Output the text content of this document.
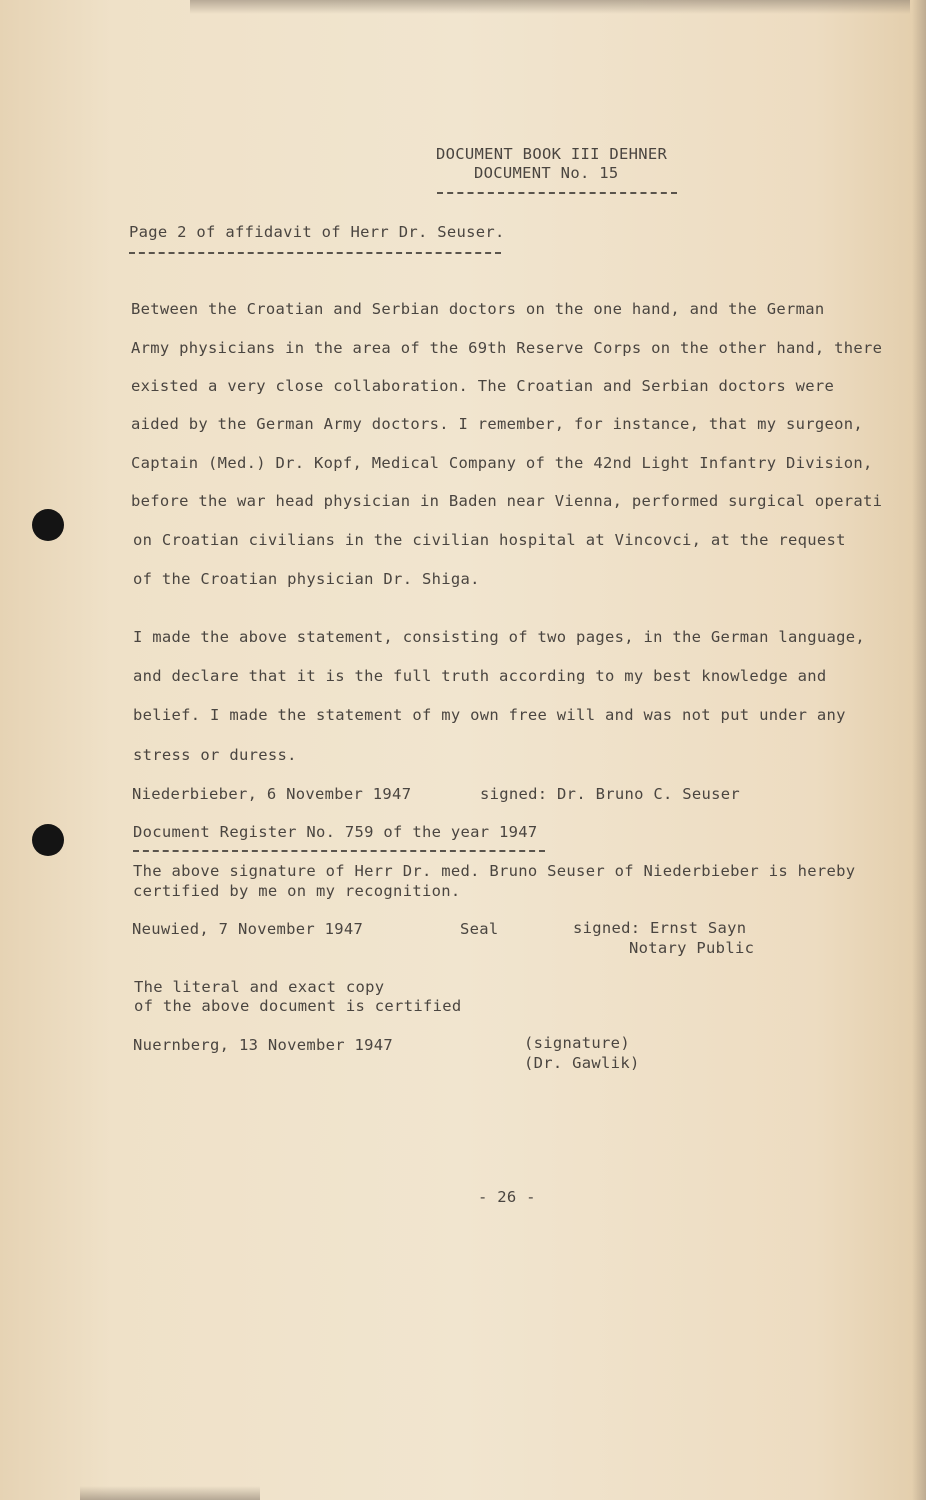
DOCUMENT BOOK III DEHNER
DOCUMENT No. 15
Page 2 of affidavit of Herr Dr. Seuser.
Between the Croatian and Serbian doctors on the one hand, and the German
Army physicians in the area of the 69th Reserve Corps on the other hand, there
existed a very close collaboration. The Croatian and Serbian doctors were
aided by the German Army doctors. I remember, for instance, that my surgeon,
Captain (Med.) Dr. Kopf, Medical Company of the 42nd Light Infantry Division,
before the war head physician in Baden near Vienna, performed surgical operati
on Croatian civilians in the civilian hospital at Vincovci, at the request
of the Croatian physician Dr. Shiga.
I made the above statement, consisting of two pages, in the German language,
and declare that it is the full truth according to my best knowledge and
belief. I made the statement of my own free will and was not put under any
stress or duress.
Niederbieber, 6 November 1947	signed: Dr. Bruno C. Seuser
Document Register No. 759 of the year 1947
The above signature of Herr Dr. med. Bruno Seuser of Niederbieber is hereby
certified by me on my recognition.
Neuwied, 7 November 1947	Seal	signed: Ernst Sayn
Notary Public
The literal and exact copy
of the above document is certified
Nuernberg, 13 November 1947	(signature)
(Dr. Gawlik)
- 26 -
